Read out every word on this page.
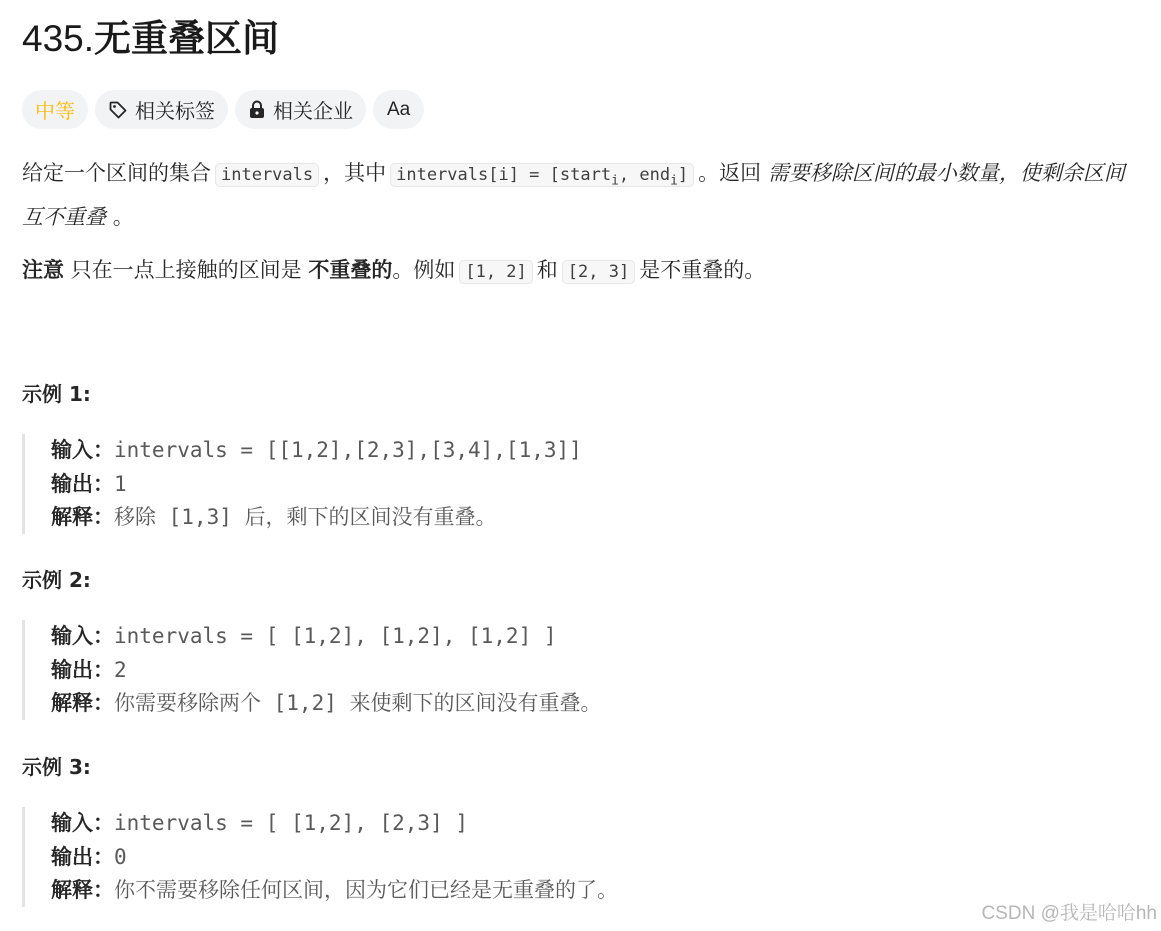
435. 无重叠区间
中等	相关标签	相关企业 Aa
给定一个区间的集合 intervals ，其中 intervals[i] = [start$_i$, end$_i$] 。返回 需要移除区间的最小数量，使剩余区间互不重叠 。
注意 只在一点上接触的区间是 不重叠的。例如 [1, 2] 和 [2, 3] 是不重叠的。
示例 1:
输入：intervals = [[1,2],[2,3],[3,4],[1,3]]
输出：1
解释：移除 [1,3] 后，剩下的区间没有重叠。
示例 2:
输入：intervals = [ [1,2], [1,2], [1,2] ]
输出：2
解释：你需要移除两个 [1,2] 来使剩下的区间没有重叠。
示例 3:
输入：intervals = [ [1,2], [2,3] ]
输出：0
解释：你不需要移除任何区间，因为它们已经是无重叠的了。
CSDN @我是哈哈hh
